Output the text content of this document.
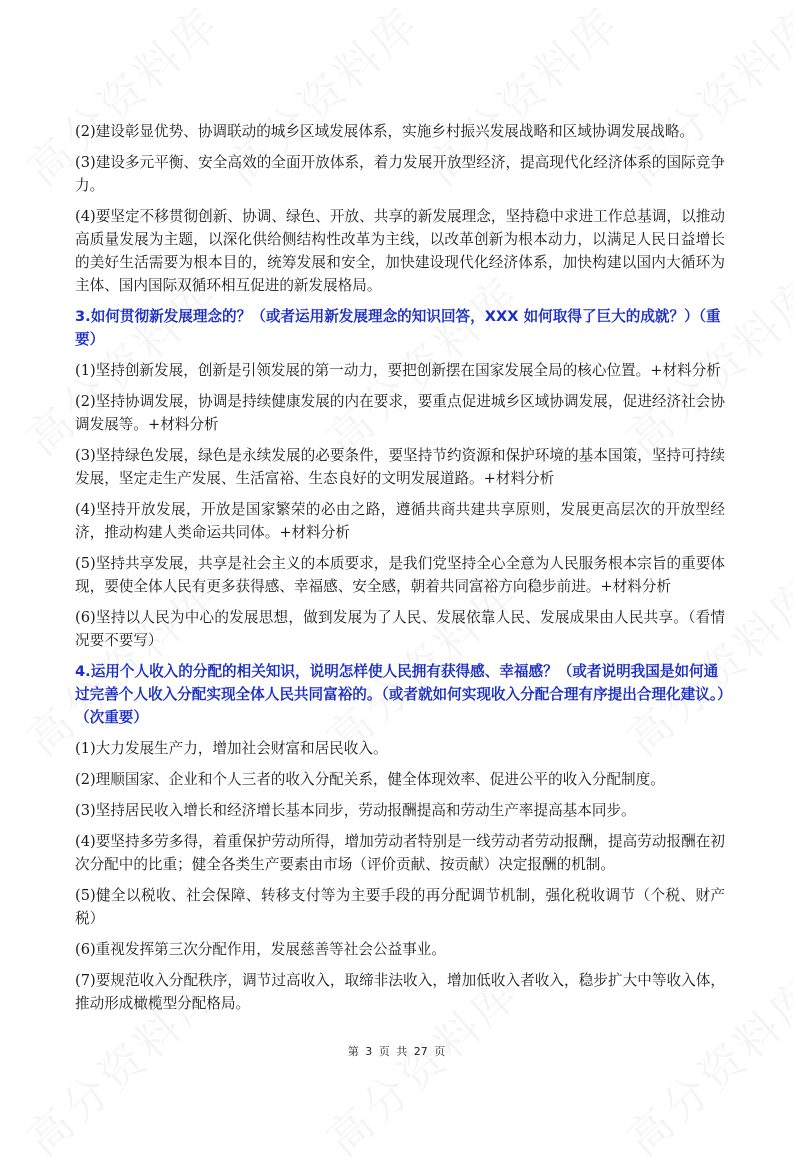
(2)建设彰显优势、协调联动的城乡区域发展体系，实施乡村振兴发展战略和区域协调发展战略。

(3)建设多元平衡、安全高效的全面开放体系，着力发展开放型经济，提高现代化经济体系的国际竞争力。

(4)要坚定不移贯彻创新、协调、绿色、开放、共享的新发展理念，坚持稳中求进工作总基调，以推动高质量发展为主题，以深化供给侧结构性改革为主线，以改革创新为根本动力，以满足人民日益增长的美好生活需要为根本目的，统筹发展和安全，加快建设现代化经济体系，加快构建以国内大循环为主体、国内国际双循环相互促进的新发展格局。

3.如何贯彻新发展理念的？（或者运用新发展理念的知识回答，XXX 如何取得了巨大的成就？）（重要）

(1)坚持创新发展，创新是引领发展的第一动力，要把创新摆在国家发展全局的核心位置。+材料分析

(2)坚持协调发展，协调是持续健康发展的内在要求，要重点促进城乡区域协调发展，促进经济社会协调发展等。+材料分析

(3)坚持绿色发展，绿色是永续发展的必要条件，要坚持节约资源和保护环境的基本国策，坚持可持续发展，坚定走生产发展、生活富裕、生态良好的文明发展道路。+材料分析

(4)坚持开放发展，开放是国家繁荣的必由之路，遵循共商共建共享原则，发展更高层次的开放型经济，推动构建人类命运共同体。+材料分析

(5)坚持共享发展，共享是社会主义的本质要求，是我们党坚持全心全意为人民服务根本宗旨的重要体现，要使全体人民有更多获得感、幸福感、安全感，朝着共同富裕方向稳步前进。+材料分析

(6)坚持以人民为中心的发展思想，做到发展为了人民、发展依靠人民、发展成果由人民共享。（看情况要不要写）

4.运用个人收入的分配的相关知识，说明怎样使人民拥有获得感、幸福感？（或者说明我国是如何通过完善个人收入分配实现全体人民共同富裕的。（或者就如何实现收入分配合理有序提出合理化建议。）（次重要）

(1)大力发展生产力，增加社会财富和居民收入。

(2)理顺国家、企业和个人三者的收入分配关系，健全体现效率、促进公平的收入分配制度。

(3)坚持居民收入增长和经济增长基本同步，劳动报酬提高和劳动生产率提高基本同步。

(4)要坚持多劳多得，着重保护劳动所得，增加劳动者特别是一线劳动者劳动报酬，提高劳动报酬在初次分配中的比重；健全各类生产要素由市场（评价贡献、按贡献）决定报酬的机制。

(5)健全以税收、社会保障、转移支付等为主要手段的再分配调节机制，强化税收调节（个税、财产税）

(6)重视发挥第三次分配作用，发展慈善等社会公益事业。

(7)要规范收入分配秩序，调节过高收入，取缔非法收入，增加低收入者收入，稳步扩大中等收入体，推动形成橄榄型分配格局。

第 3 页 共 27 页
